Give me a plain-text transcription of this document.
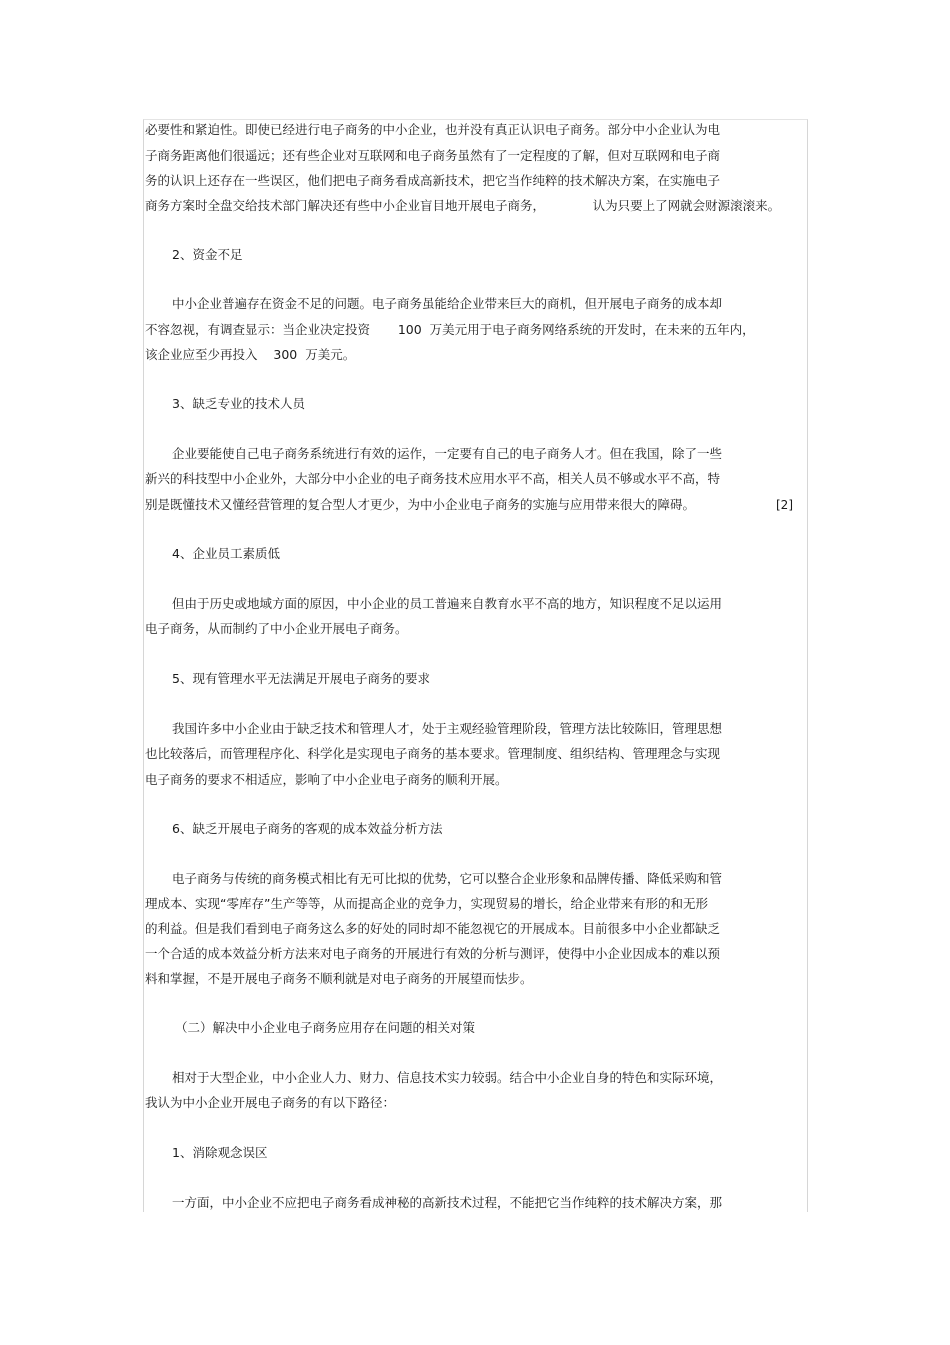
必要性和紧迫性。即使已经进行电子商务的中小企业，也并没有真正认识电子商务。部分中小企业认为电

子商务距离他们很遥远；还有些企业对互联网和电子商务虽然有了一定程度的了解，但对互联网和电子商

务的认识上还存在一些误区，他们把电子商务看成高新技术，把它当作纯粹的技术解决方案，在实施电子

商务方案时全盘交给技术部门解决还有些中小企业盲目地开展电子商务，            认为只要上了网就会财源滚滚来。

2、资金不足

中小企业普遍存在资金不足的问题。电子商务虽能给企业带来巨大的商机，但开展电子商务的成本却

不容忽视，有调查显示：当企业决定投资       100  万美元用于电子商务网络系统的开发时，在未来的五年内，

该企业应至少再投入    300  万美元。

3、缺乏专业的技术人员

企业要能使自己电子商务系统进行有效的运作，一定要有自己的电子商务人才。但在我国，除了一些

新兴的科技型中小企业外，大部分中小企业的电子商务技术应用水平不高，相关人员不够或水平不高，特

别是既懂技术又懂经营管理的复合型人才更少，为中小企业电子商务的实施与应用带来很大的障碍。	[2]

4、企业员工素质低

但由于历史或地域方面的原因，中小企业的员工普遍来自教育水平不高的地方，知识程度不足以运用

电子商务，从而制约了中小企业开展电子商务。

5、现有管理水平无法满足开展电子商务的要求

我国许多中小企业由于缺乏技术和管理人才，处于主观经验管理阶段，管理方法比较陈旧，管理思想

也比较落后，而管理程序化、科学化是实现电子商务的基本要求。管理制度、组织结构、管理理念与实现

电子商务的要求不相适应，影响了中小企业电子商务的顺利开展。

6、缺乏开展电子商务的客观的成本效益分析方法

电子商务与传统的商务模式相比有无可比拟的优势，它可以整合企业形象和品牌传播、降低采购和管

理成本、实现“零库存”生产等等，从而提高企业的竞争力，实现贸易的增长，给企业带来有形的和无形

的利益。但是我们看到电子商务这么多的好处的同时却不能忽视它的开展成本。目前很多中小企业都缺乏

一个合适的成本效益分析方法来对电子商务的开展进行有效的分析与测评，使得中小企业因成本的难以预

料和掌握，不是开展电子商务不顺利就是对电子商务的开展望而怯步。

（二）解决中小企业电子商务应用存在问题的相关对策

相对于大型企业，中小企业人力、财力、信息技术实力较弱。结合中小企业自身的特色和实际环境，

我认为中小企业开展电子商务的有以下路径：

1、消除观念误区

一方面，中小企业不应把电子商务看成神秘的高新技术过程，不能把它当作纯粹的技术解决方案，那
